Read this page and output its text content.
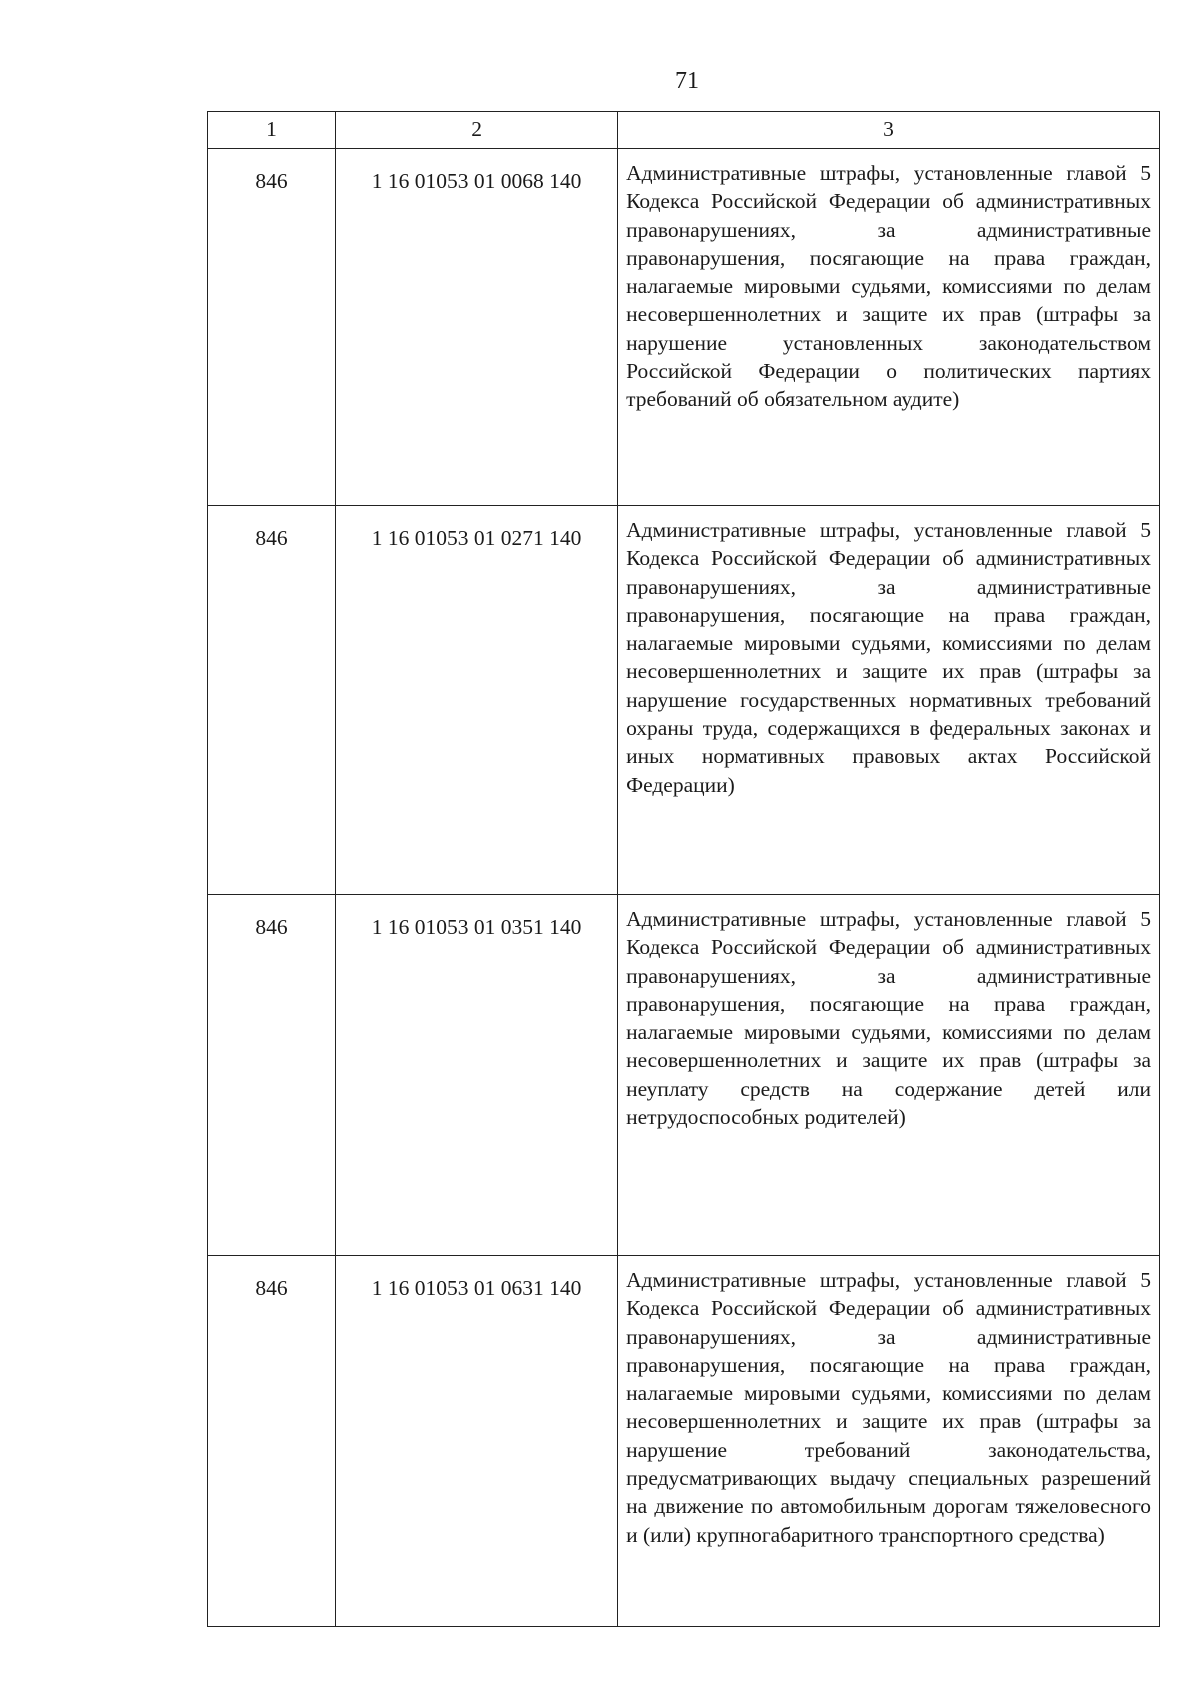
71
1	2	3
846	1 16 01053 01 0068 140	Административные штрафы, установленные главой 5 Кодекса Российской Федерации об административных правонарушениях, за административные правонарушения, посягающие на права граждан, налагаемые мировыми судьями, комиссиями по делам несовершеннолетних и защите их прав (штрафы за нарушение установленных законодательством Российской Федерации о политических партиях требований об обязательном аудите)

846	1 16 01053 01 0271 140	Административные штрафы, установленные главой 5 Кодекса Российской Федерации об административных правонарушениях, за административные правонарушения, посягающие на права граждан, налагаемые мировыми судьями, комиссиями по делам несовершеннолетних и защите их прав (штрафы за нарушение государственных нормативных требований охраны труда, содержащихся в федеральных законах и иных нормативных правовых актах Российской Федерации)

846	1 16 01053 01 0351 140	Административные штрафы, установленные главой 5 Кодекса Российской Федерации об административных правонарушениях, за административные правонарушения, посягающие на права граждан, налагаемые мировыми судьями, комиссиями по делам несовершеннолетних и защите их прав (штрафы за неуплату средств на содержание детей или нетрудоспособных родителей)

846	1 16 01053 01 0631 140	Административные штрафы, установленные главой 5 Кодекса Российской Федерации об административных правонарушениях, за административные правонарушения, посягающие на права граждан, налагаемые мировыми судьями, комиссиями по делам несовершеннолетних и защите их прав (штрафы за нарушение требований законодательства, предусматривающих выдачу специальных разрешений на движение по автомобильным дорогам тяжеловесного и (или) крупногабаритного транспортного средства)
